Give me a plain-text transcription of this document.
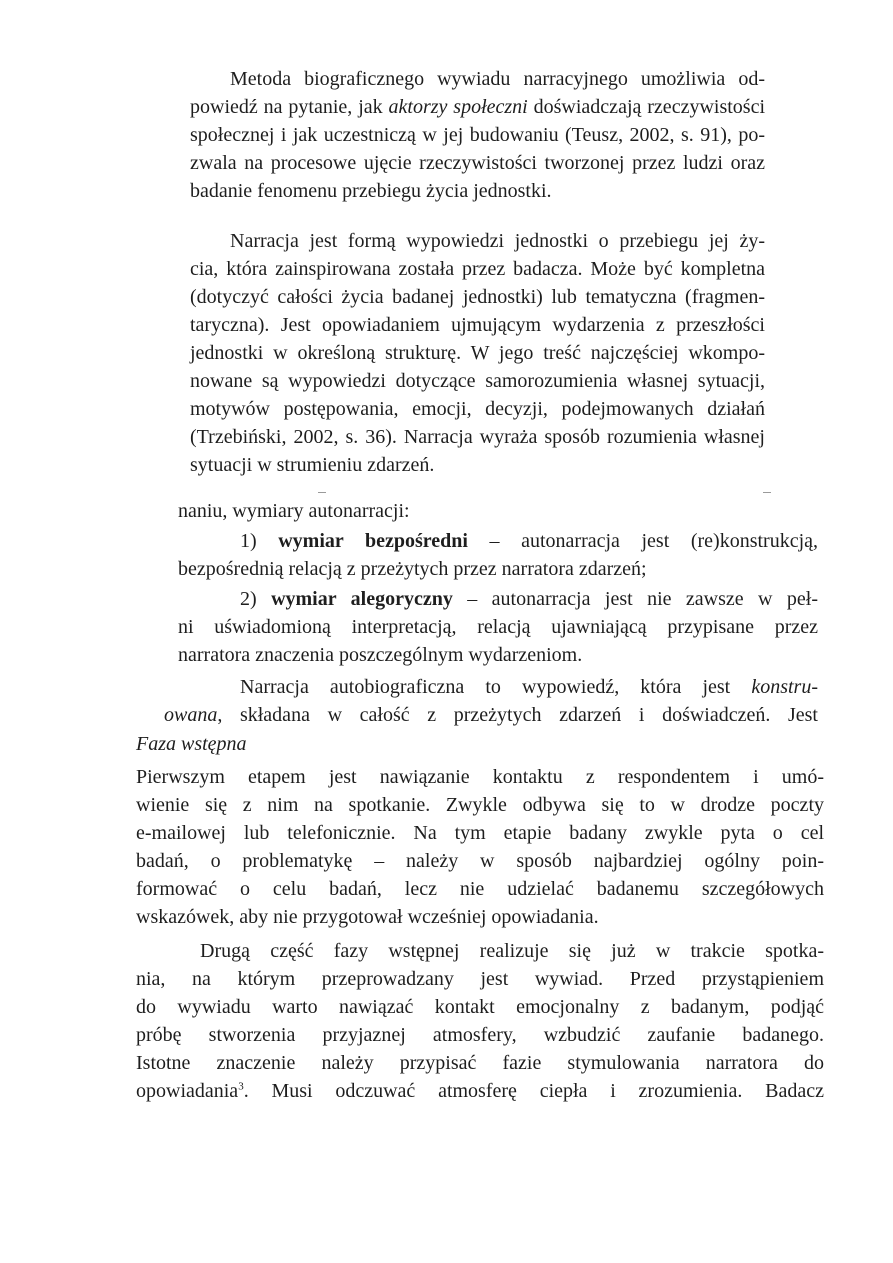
Metoda biograficznego wywiadu narracyjnego umożliwia od-
powiedź na pytanie, jak aktorzy społeczni doświadczają rzeczywistości
społecznej i jak uczestniczą w jej budowaniu (Teusz, 2002, s. 91), po-
zwala na procesowe ujęcie rzeczywistości tworzonej przez ludzi oraz
badanie fenomenu przebiegu życia jednostki.
Narracja jest formą wypowiedzi jednostki o przebiegu jej ży-
cia, która zainspirowana została przez badacza. Może być kompletna
(dotyczyć całości życia badanej jednostki) lub tematyczna (fragmen-
taryczna). Jest opowiadaniem ujmującym wydarzenia z przeszłości
jednostki w określoną strukturę. W jego treść najczęściej wkompo-
nowane są wypowiedzi dotyczące samorozumienia własnej sytuacji,
motywów postępowania, emocji, decyzji, podejmowanych działań
(Trzebiński, 2002, s. 36). Narracja wyraża sposób rozumienia własnej
sytuacji w strumieniu zdarzeń.
naniu, wymiary autonarracji:
1) wymiar bezpośredni – autonarracja jest (re)konstrukcją,
bezpośrednią relacją z przeżytych przez narratora zdarzeń;
2) wymiar alegoryczny – autonarracja jest nie zawsze w peł-
ni uświadomioną interpretacją, relacją ujawniającą przypisane przez
narratora znaczenia poszczególnym wydarzeniom.
Narracja autobiograficzna to wypowiedź, która jest konstru-
owana, składana w całość z przeżytych zdarzeń i doświadczeń. Jest
Faza wstępna
Pierwszym etapem jest nawiązanie kontaktu z respondentem i umó-
wienie się z nim na spotkanie. Zwykle odbywa się to w drodze poczty
e-mailowej lub telefonicznie. Na tym etapie badany zwykle pyta o cel
badań, o problematykę – należy w sposób najbardziej ogólny poin-
formować o celu badań, lecz nie udzielać badanemu szczegółowych
wskazówek, aby nie przygotował wcześniej opowiadania.
Drugą część fazy wstępnej realizuje się już w trakcie spotka-
nia, na którym przeprowadzany jest wywiad. Przed przystąpieniem
do wywiadu warto nawiązać kontakt emocjonalny z badanym, podjąć
próbę stworzenia przyjaznej atmosfery, wzbudzić zaufanie badanego.
Istotne znaczenie należy przypisać fazie stymulowania narratora do
opowiadania$^3$. Musi odczuwać atmosferę ciepła i zrozumienia. Badacz
